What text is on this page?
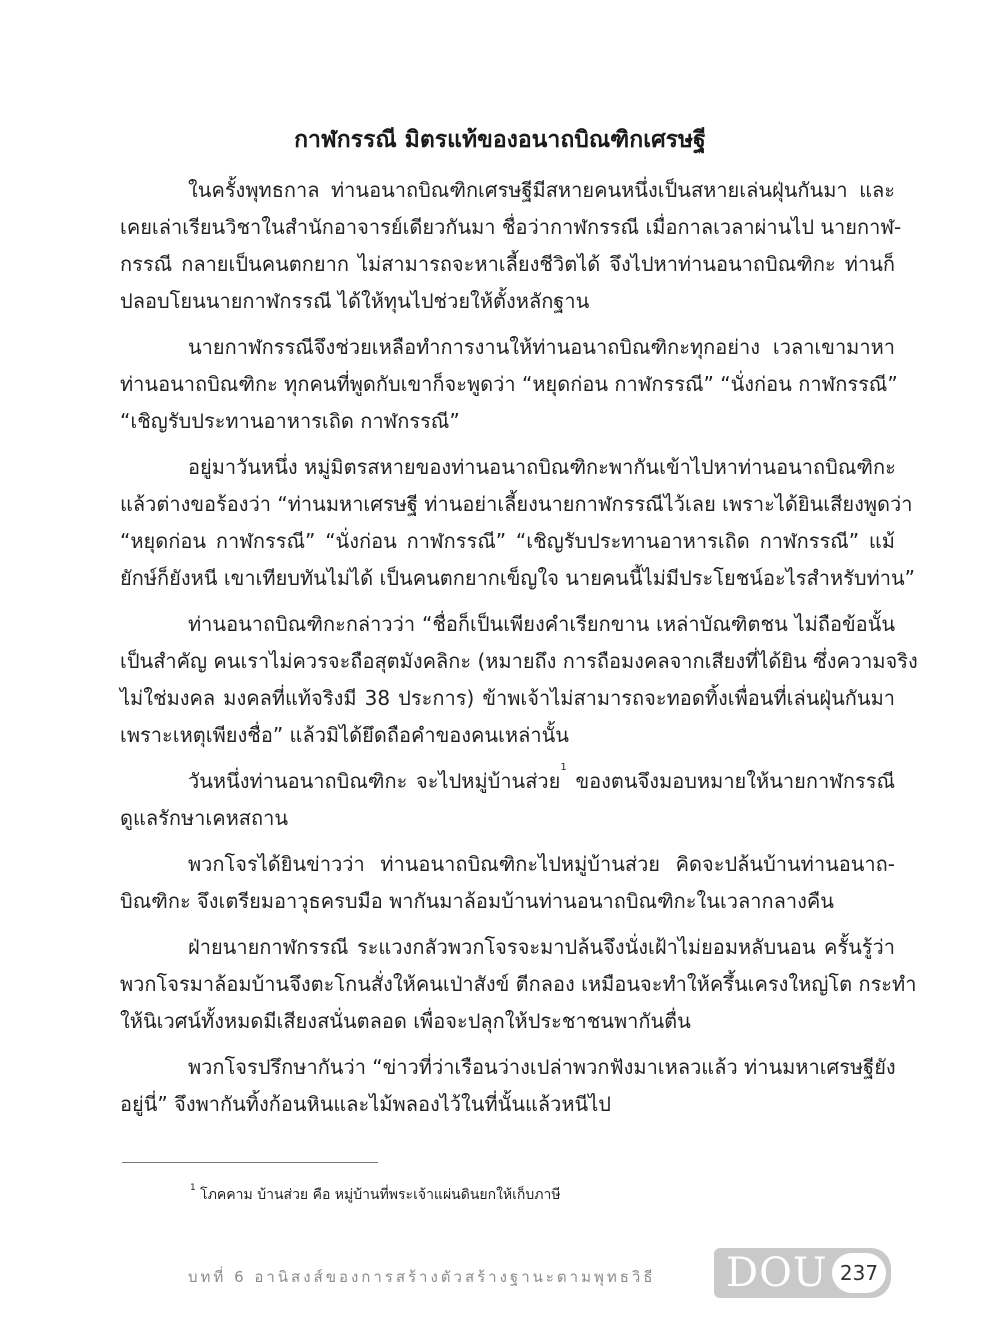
กาฬกรรณี มิตรแท้ของอนาถบิณฑิกเศรษฐี

ในครั้งพุทธกาล ท่านอนาถบิณฑิกเศรษฐีมีสหายคนหนึ่งเป็นสหายเล่นฝุ่นกันมา และ
เคยเล่าเรียนวิชาในสำนักอาจารย์เดียวกันมา ชื่อว่ากาฬกรรณี เมื่อกาลเวลาผ่านไป นายกาฬ-
กรรณี กลายเป็นคนตกยาก ไม่สามารถจะหาเลี้ยงชีวิตได้ จึงไปหาท่านอนาถบิณฑิกะ ท่านก็
ปลอบโยนนายกาฬกรรณี ได้ให้ทุนไปช่วยให้ตั้งหลักฐาน

นายกาฬกรรณีจึงช่วยเหลือทำการงานให้ท่านอนาถบิณฑิกะทุกอย่าง เวลาเขามาหา
ท่านอนาถบิณฑิกะ ทุกคนที่พูดกับเขาก็จะพูดว่า “หยุดก่อน กาฬกรรณี” “นั่งก่อน กาฬกรรณี”
“เชิญรับประทานอาหารเถิด กาฬกรรณี”

อยู่มาวันหนึ่ง หมู่มิตรสหายของท่านอนาถบิณฑิกะพากันเข้าไปหาท่านอนาถบิณฑิกะ
แล้วต่างขอร้องว่า “ท่านมหาเศรษฐี ท่านอย่าเลี้ยงนายกาฬกรรณีไว้เลย เพราะได้ยินเสียงพูดว่า
“หยุดก่อน กาฬกรรณี” “นั่งก่อน กาฬกรรณี” “เชิญรับประทานอาหารเถิด กาฬกรรณี” แม้
ยักษ์ก็ยังหนี เขาเทียบทันไม่ได้ เป็นคนตกยากเข็ญใจ นายคนนี้ไม่มีประโยชน์อะไรสำหรับท่าน”

ท่านอนาถบิณฑิกะกล่าวว่า “ชื่อก็เป็นเพียงคำเรียกขาน เหล่าบัณฑิตชน ไม่ถือข้อนั้น
เป็นสำคัญ คนเราไม่ควรจะถือสุตมังคลิกะ (หมายถึง การถือมงคลจากเสียงที่ได้ยิน ซึ่งความจริง
ไม่ใช่มงคล มงคลที่แท้จริงมี 38 ประการ) ข้าพเจ้าไม่สามารถจะทอดทิ้งเพื่อนที่เล่นฝุ่นกันมา
เพราะเหตุเพียงชื่อ” แล้วมิได้ยึดถือคำของคนเหล่านั้น

วันหนึ่งท่านอนาถบิณฑิกะ จะไปหมู่บ้านส่วย$^1$ ของตนจึงมอบหมายให้นายกาฬกรรณี
ดูแลรักษาเคหสถาน

พวกโจรได้ยินข่าวว่า ท่านอนาถบิณฑิกะไปหมู่บ้านส่วย คิดจะปล้นบ้านท่านอนาถ-
บิณฑิกะ จึงเตรียมอาวุธครบมือ พากันมาล้อมบ้านท่านอนาถบิณฑิกะในเวลากลางคืน

ฝ่ายนายกาฬกรรณี ระแวงกลัวพวกโจรจะมาปล้นจึงนั่งเฝ้าไม่ยอมหลับนอน ครั้นรู้ว่า
พวกโจรมาล้อมบ้านจึงตะโกนสั่งให้คนเป่าสังข์ ตีกลอง เหมือนจะทำให้ครึ้นเครงใหญ่โต กระทำ
ให้นิเวศน์ทั้งหมดมีเสียงสนั่นตลอด เพื่อจะปลุกให้ประชาชนพากันตื่น

พวกโจรปรึกษากันว่า “ข่าวที่ว่าเรือนว่างเปล่าพวกฟังมาเหลวแล้ว ท่านมหาเศรษฐียัง
อยู่นี่” จึงพากันทิ้งก้อนหินและไม้พลองไว้ในที่นั้นแล้วหนีไป

$^1$ โภคคาม บ้านส่วย คือ หมู่บ้านที่พระเจ้าแผ่นดินยกให้เก็บภาษี
บทที่ 6 อานิสงส์ของการสร้างตัวสร้างฐานะตามพุทธวิธี DOU 237
